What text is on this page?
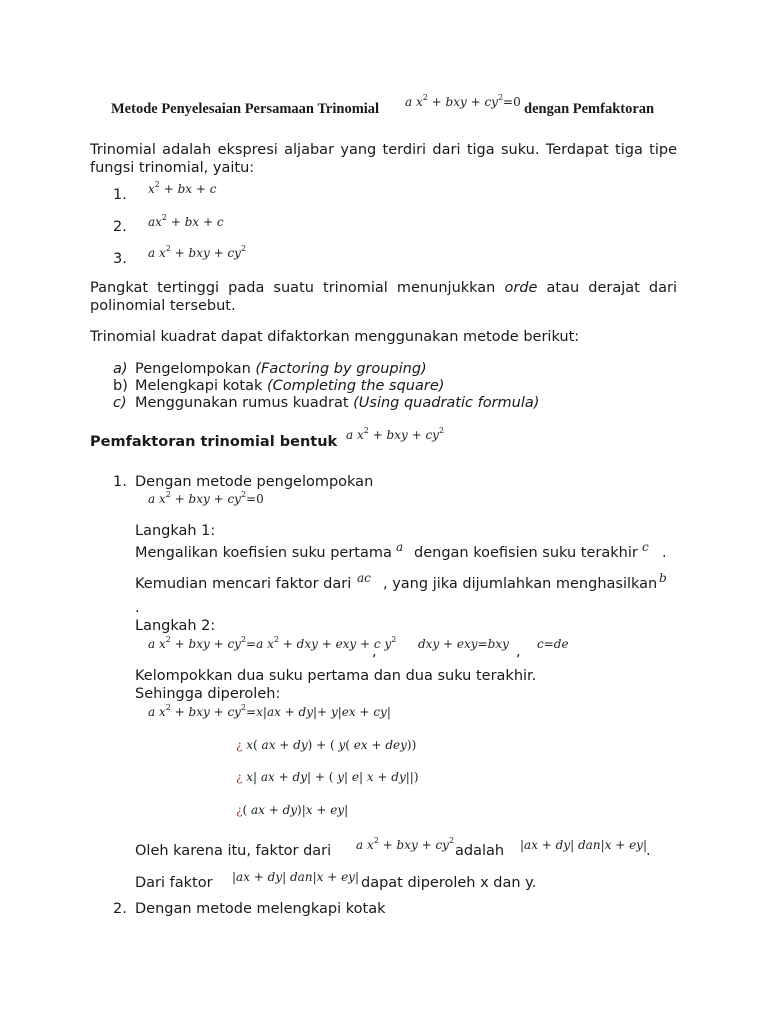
Metode Penyelesaian Persamaan Trinomial a $x^2$ + bxy + $cy^2=0$ dengan Pemfaktoran
Trinomial adalah ekspresi aljabar yang terdiri dari tiga suku. Terdapat tiga tipe fungsi trinomial, yaitu:
1. $x^2$ + bx + c
2. $ax^2$ + bx + c
3. a $x^2$ + bxy + $cy^2$
Pangkat tertinggi pada suatu trinomial menunjukkan orde atau derajat dari polinomial tersebut.
Trinomial kuadrat dapat difaktorkan menggunakan metode berikut:
a) Pengelompokan (Factoring by grouping)
b) Melengkapi kotak (Completing the square)
c) Menggunakan rumus kuadrat (Using quadratic formula)
Pemfaktoran trinomial bentuk a $x^2$ + bxy + $cy^2$
1. Dengan metode pengelompokan
a $x^2$ + bxy + $cy^2=0$
Langkah 1:
Mengalikan koefisien suku pertama a dengan koefisien suku terakhir c .
Kemudian mencari faktor dari ac , yang jika dijumlahkan menghasilkan b
.
Langkah 2:
a $x^2$ + bxy + $cy^2=a$ $x^2$ + dxy + exy + c $y^2$
,	dxy + exy=bxy , c=de
Kelompokkan dua suku pertama dan dua suku terakhir.
Sehingga diperoleh:
a $x^2$ + bxy + $cy^2=x|ax + dy|+ y|ex + cy|$
¿ x( ax + dy) + ( y( ex + dey))
¿ x| ax + dy| + ( y| e| x + dy||)
¿( ax + dy)|x + ey|
Oleh karena itu, faktor dari a $x^2$ + bxy + $cy^2$
adalah |ax + dy| dan|x + ey|
.
Dari faktor |ax + dy| dan|x + ey| dapat diperoleh x dan y.
2. Dengan metode melengkapi kotak
